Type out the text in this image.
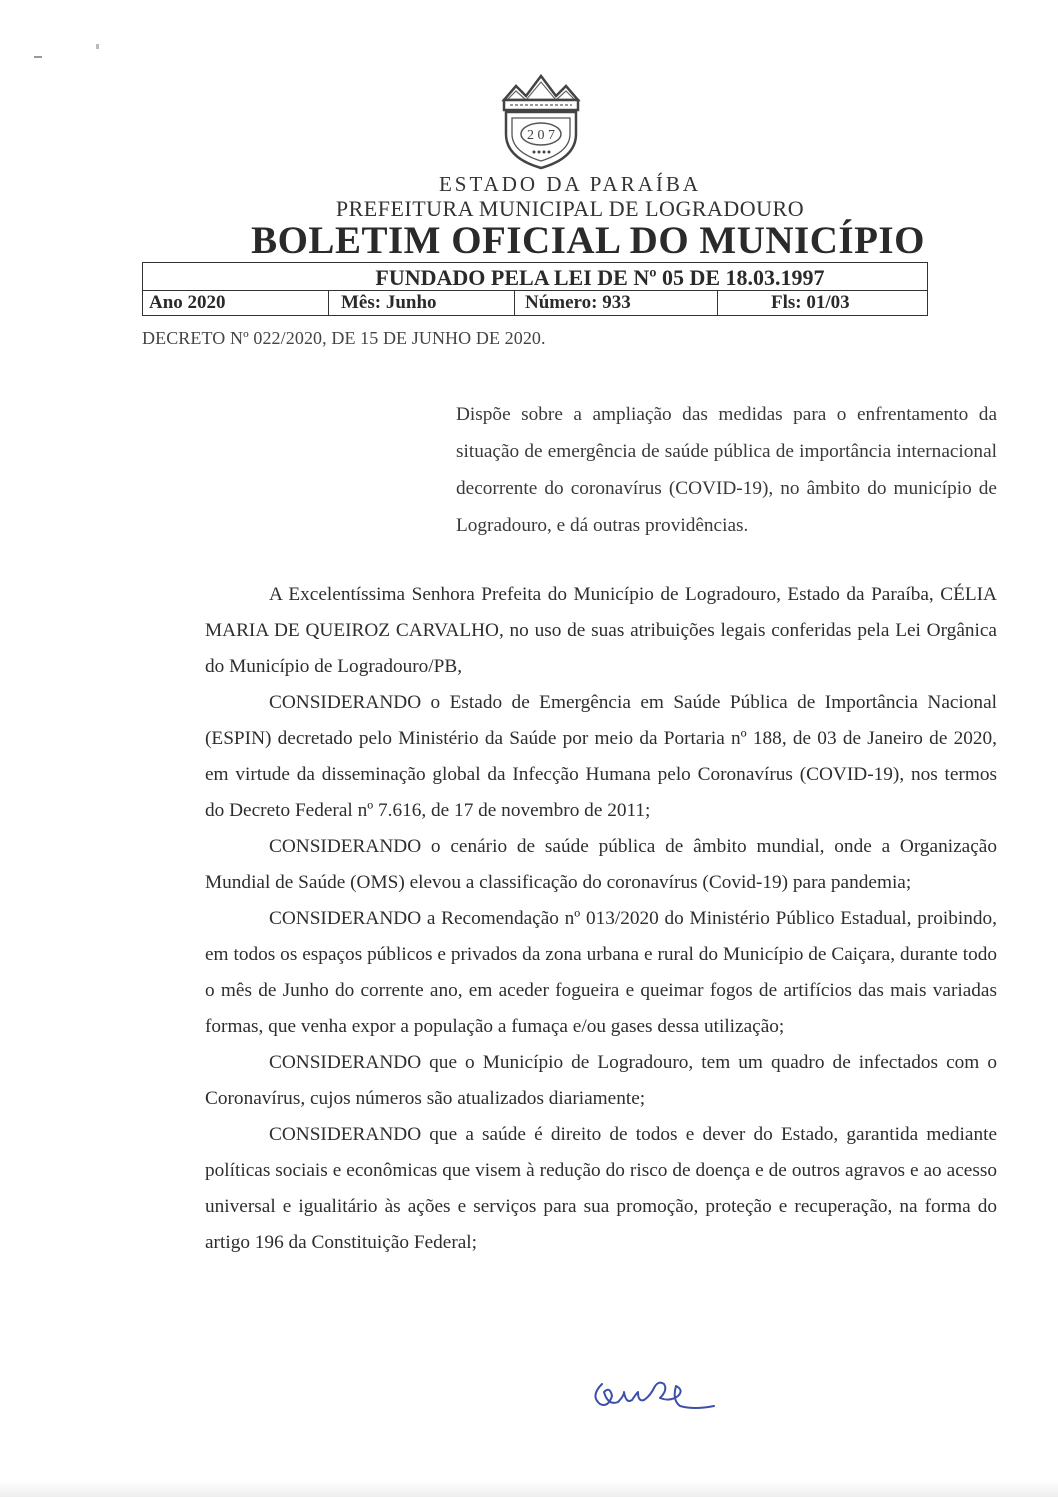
2 0 7
ESTADO DA PARAÍBA
PREFEITURA MUNICIPAL DE LOGRADOURO
BOLETIM OFICIAL DO MUNICÍPIO
FUNDADO PELA LEI DE Nº 05 DE 18.03.1997
Ano 2020	Mês: Junho	Número: 933	Fls: 01/03
DECRETO Nº 022/2020, DE 15 DE JUNHO DE 2020.
Dispõe sobre a ampliação das medidas para o enfrentamento da situação de emergência de saúde pública de importância internacional decorrente do coronavírus (COVID-19), no âmbito do município de Logradouro, e dá outras providências.

A Excelentíssima Senhora Prefeita do Município de Logradouro, Estado da Paraíba, CÉLIA MARIA DE QUEIROZ CARVALHO, no uso de suas atribuições legais conferidas pela Lei Orgânica do Município de Logradouro/PB,

CONSIDERANDO o Estado de Emergência em Saúde Pública de Importância Nacional (ESPIN) decretado pelo Ministério da Saúde por meio da Portaria nº 188, de 03 de Janeiro de 2020, em virtude da disseminação global da Infecção Humana pelo Coronavírus (COVID-19), nos termos do Decreto Federal nº 7.616, de 17 de novembro de 2011;

CONSIDERANDO o cenário de saúde pública de âmbito mundial, onde a Organização Mundial de Saúde (OMS) elevou a classificação do coronavírus (Covid-19) para pandemia;

CONSIDERANDO a Recomendação nº 013/2020 do Ministério Público Estadual, proibindo, em todos os espaços públicos e privados da zona urbana e rural do Município de Caiçara, durante todo o mês de Junho do corrente ano, em aceder fogueira e queimar fogos de artifícios das mais variadas formas, que venha expor a população a fumaça e/ou gases dessa utilização;

CONSIDERANDO que o Município de Logradouro, tem um quadro de infectados com o Coronavírus, cujos números são atualizados diariamente;

CONSIDERANDO que a saúde é direito de todos e dever do Estado, garantida mediante políticas sociais e econômicas que visem à redução do risco de doença e de outros agravos e ao acesso universal e igualitário às ações e serviços para sua promoção, proteção e recuperação, na forma do artigo 196 da Constituição Federal;
